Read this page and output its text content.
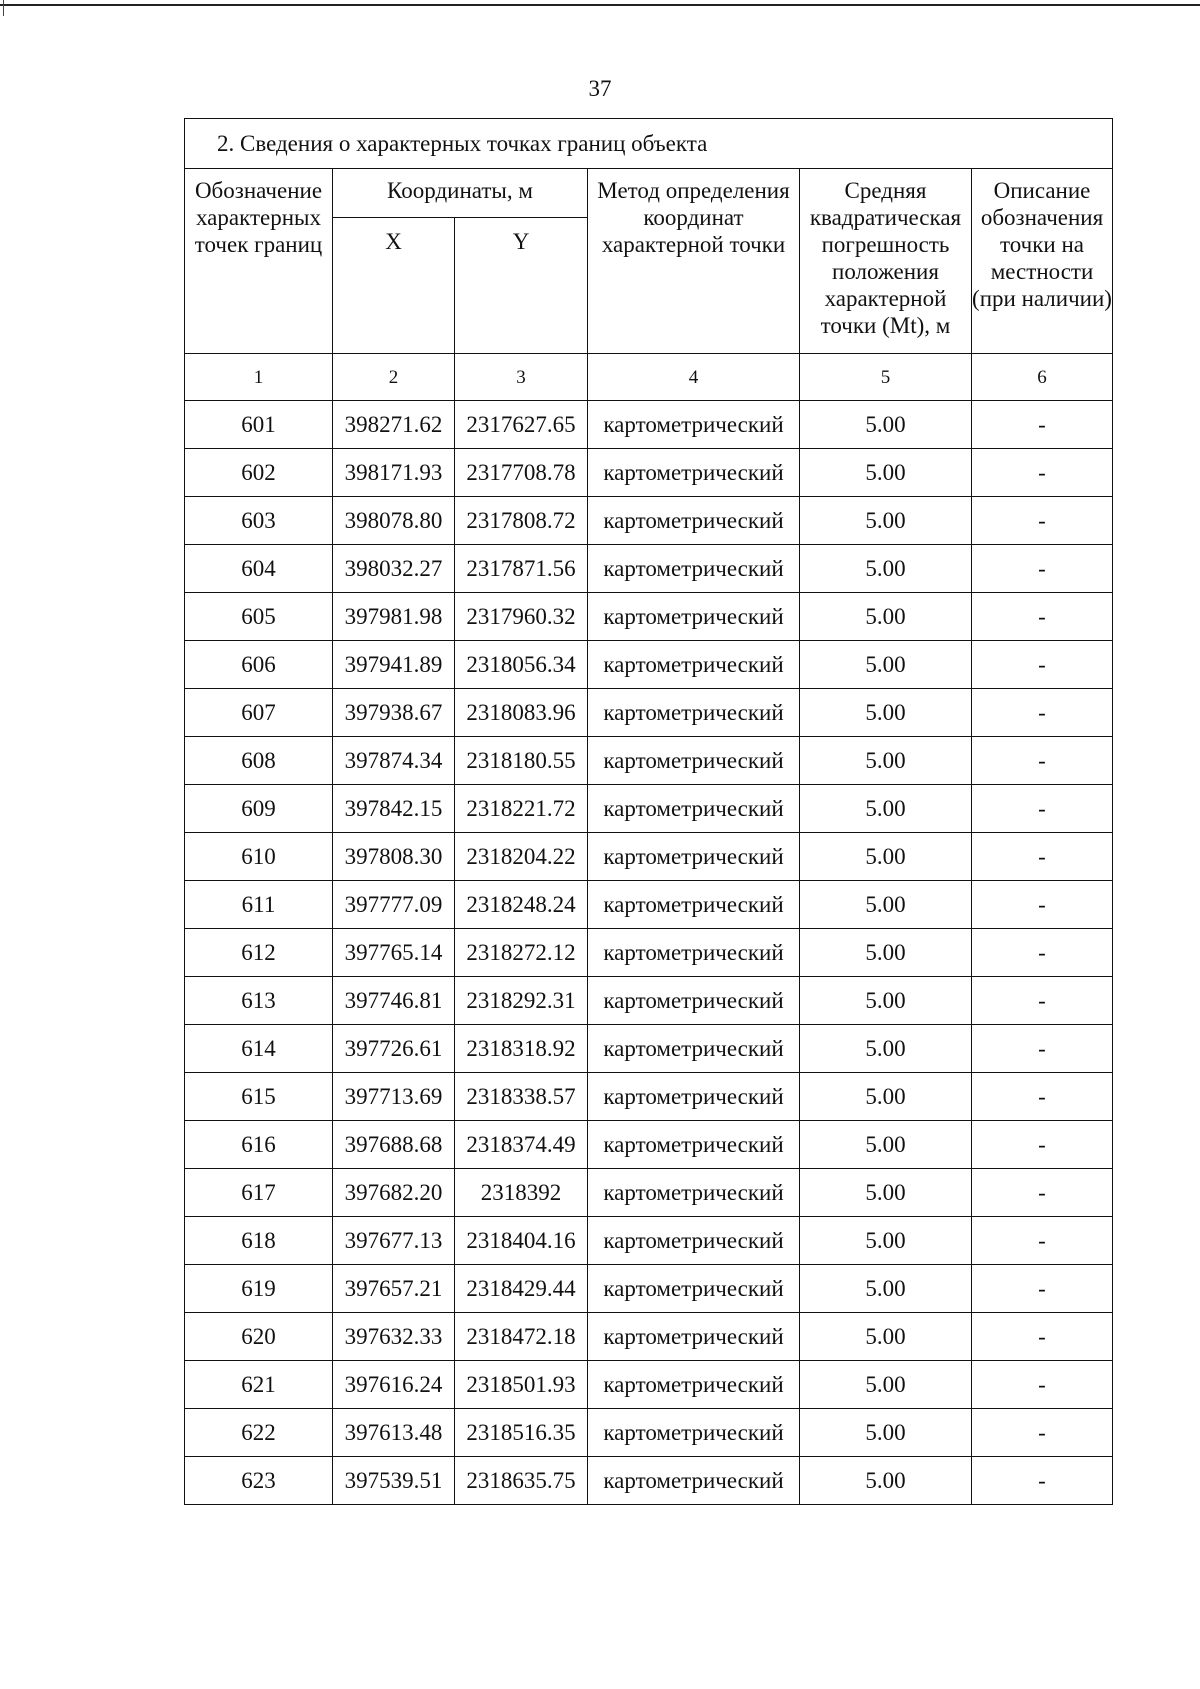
37
2. Сведения о характерных точках границ объекта					
Обозначение характерных точек границ	Координаты, м		Метод определения координат характерной точки	Средняя квадратическая погрешность положения характерной точки (Mt), м	Описание обозначения точки на местности (при наличии)
	X	Y			
1	2	3	4	5	6
601	398271.62	2317627.65	картометрический	5.00	-
602	398171.93	2317708.78	картометрический	5.00	-
603	398078.80	2317808.72	картометрический	5.00	-
604	398032.27	2317871.56	картометрический	5.00	-
605	397981.98	2317960.32	картометрический	5.00	-
606	397941.89	2318056.34	картометрический	5.00	-
607	397938.67	2318083.96	картометрический	5.00	-
608	397874.34	2318180.55	картометрический	5.00	-
609	397842.15	2318221.72	картометрический	5.00	-
610	397808.30	2318204.22	картометрический	5.00	-
611	397777.09	2318248.24	картометрический	5.00	-
612	397765.14	2318272.12	картометрический	5.00	-
613	397746.81	2318292.31	картометрический	5.00	-
614	397726.61	2318318.92	картометрический	5.00	-
615	397713.69	2318338.57	картометрический	5.00	-
616	397688.68	2318374.49	картометрический	5.00	-
617	397682.20	2318392	картометрический	5.00	-
618	397677.13	2318404.16	картометрический	5.00	-
619	397657.21	2318429.44	картометрический	5.00	-
620	397632.33	2318472.18	картометрический	5.00	-
621	397616.24	2318501.93	картометрический	5.00	-
622	397613.48	2318516.35	картометрический	5.00	-
623	397539.51	2318635.75	картометрический	5.00	-
